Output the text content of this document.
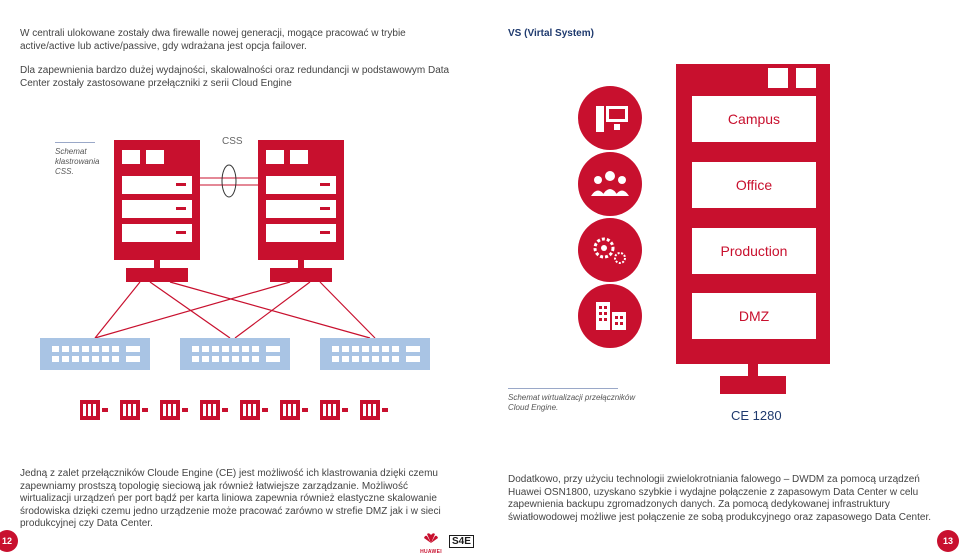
W centrali ulokowane zostały dwa firewalle nowej generacji, mogące pracować w trybie active/active lub active/passive, gdy wdrażana jest opcja failover.
Dla zapewnienia bardzo dużej wydajności, skalowalności oraz redundancji w podstawowym Data Center zostały zastosowane przełączniki z serii Cloud Engine
Schemat klastrowania CSS.
CSS
Jedną z zalet przełączników Cloude Engine (CE) jest możliwość ich klastrowania dzięki czemu zapewniamy prostszą topologię sieciową jak również łatwiejsze zarządzanie. Możliwość wirtualizacji urządzeń per port bądź per karta liniowa zapewnia również elastyczne skalowanie środowiska dzięki czemu jedno urządzenie może pracować zarówno w strefie DMZ jak i w sieci produkcyjnej czy Data Center.
VS (Virtal System)
Campus
Office
Production
DMZ
Schemat wirtualizacji przełączników Cloud Engine.
CE 1280
Dodatkowo, przy użyciu technologii zwielokrotniania falowego – DWDM za pomocą urządzeń Huawei OSN1800, uzyskano szybkie i wydajne połączenie z zapasowym Data Center w celu zapewnienia backupu zgromadzonych danych. Za pomocą dedykowanej infrastruktury światłowodowej możliwe jest połączenie ze sobą produkcyjnego oraz zapasowego Data Center.
12	13
HUAWEI
S4E
